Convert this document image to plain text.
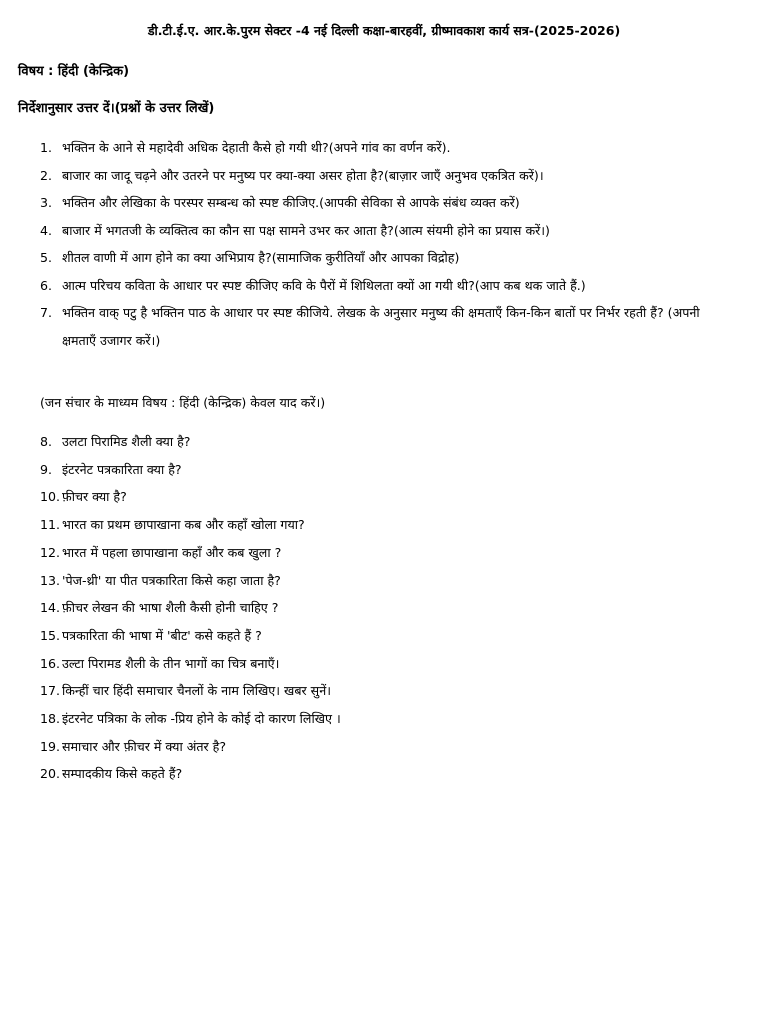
डी.टी.ई.ए. आर.के.पुरम सेक्टर -4 नई दिल्ली कक्षा-बारहवीं, ग्रीष्मावकाश कार्य सत्र-(2025-2026)
विषय : हिंदी (केन्द्रिक)
निर्देशानुसार उत्तर दें।(प्रश्नों के उत्तर लिखें)
1. भक्तिन के आने से महादेवी अधिक देहाती कैसे हो गयी थी?(अपने गांव का वर्णन करें).
2. बाजार का जादू चढ़ने और उतरने पर मनुष्य पर क्या-क्या असर होता है?(बाज़ार जाएँ अनुभव एकत्रित करें)।
3. भक्तिन और लेखिका के परस्पर सम्बन्ध को स्पष्ट कीजिए.(आपकी सेविका से आपके संबंध व्यक्त करें)
4. बाजार में भगतजी के व्यक्तित्व का कौन सा पक्ष सामने उभर कर आता है?(आत्म संयमी होने का प्रयास करें।)
5. शीतल वाणी में आग होने का क्या अभिप्राय है?(सामाजिक कुरीतियाँ और आपका विद्रोह)
6. आत्म परिचय कविता के आधार पर स्पष्ट कीजिए कवि के पैरों में शिथिलता क्यों आ गयी थी?(आप कब थक जाते हैं.)
7. भक्तिन वाक् पटु है भक्तिन पाठ के आधार पर स्पष्ट कीजिये. लेखक के अनुसार मनुष्य की क्षमताएँ किन-किन बातों पर निर्भर रहती हैं? (अपनी क्षमताएँ उजागर करें।)
(जन संचार के माध्यम विषय : हिंदी (केन्द्रिक) केवल याद करें।)
8. उलटा पिरामिड शैली क्या है?
9. इंटरनेट पत्रकारिता क्या है?
10. फ़ीचर क्या है?
11. भारत का प्रथम छापाखाना कब और कहाँ खोला गया?
12. भारत में पहला छापाखाना कहाँ और कब खुला ?
13. 'पेज-थ्री' या पीत पत्रकारिता किसे कहा जाता है?
14. फ़ीचर लेखन की भाषा शैली कैसी होनी चाहिए ?
15. पत्रकारिता की भाषा में 'बीट' कसे कहते हैं ?
16. उल्टा पिरामड शैली के तीन भागों का चित्र बनाएँ।
17. किन्हीं चार हिंदी समाचार चैनलों के नाम लिखिए। खबर सुनें।
18. इंटरनेट पत्रिका के लोक -प्रिय होने के कोई दो कारण लिखिए ।
19. समाचार और फ़ीचर में क्या अंतर है?
20. सम्पादकीय किसे कहते हैं?
